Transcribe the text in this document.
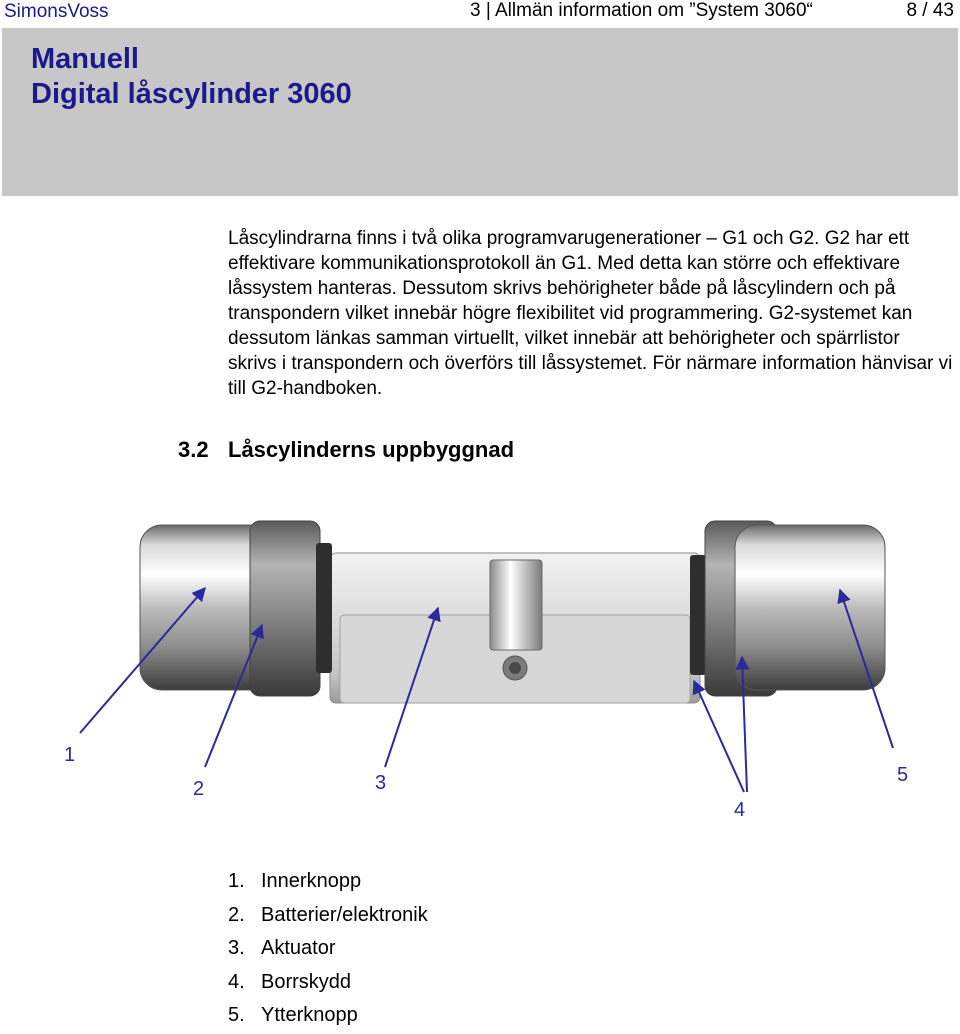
SimonsVoss	3 | Allmän information om ”System 3060“	8 / 43
Manuell
Digital låscylinder 3060

Låscylindrarna finns i två olika programvarugenerationer – G1 och G2. G2 har ett effektivare kommunikationsprotokoll än G1. Med detta kan större och effektivare låssystem hanteras. Dessutom skrivs behörigheter både på låscylindern och på transpondern vilket innebär högre flexibilitet vid programmering. G2-systemet kan dessutom länkas samman virtuellt, vilket innebär att behörigheter och spärrlistor skrivs i transpondern och överförs till låssystemet. För närmare information hänvisar vi till G2-handboken.

3.2 Låscylinderns uppbyggnad
1
2	3
4
5
1. Innerknopp
2. Batterier/elektronik
3. Aktuator
4. Borrskydd
5. Ytterknopp
